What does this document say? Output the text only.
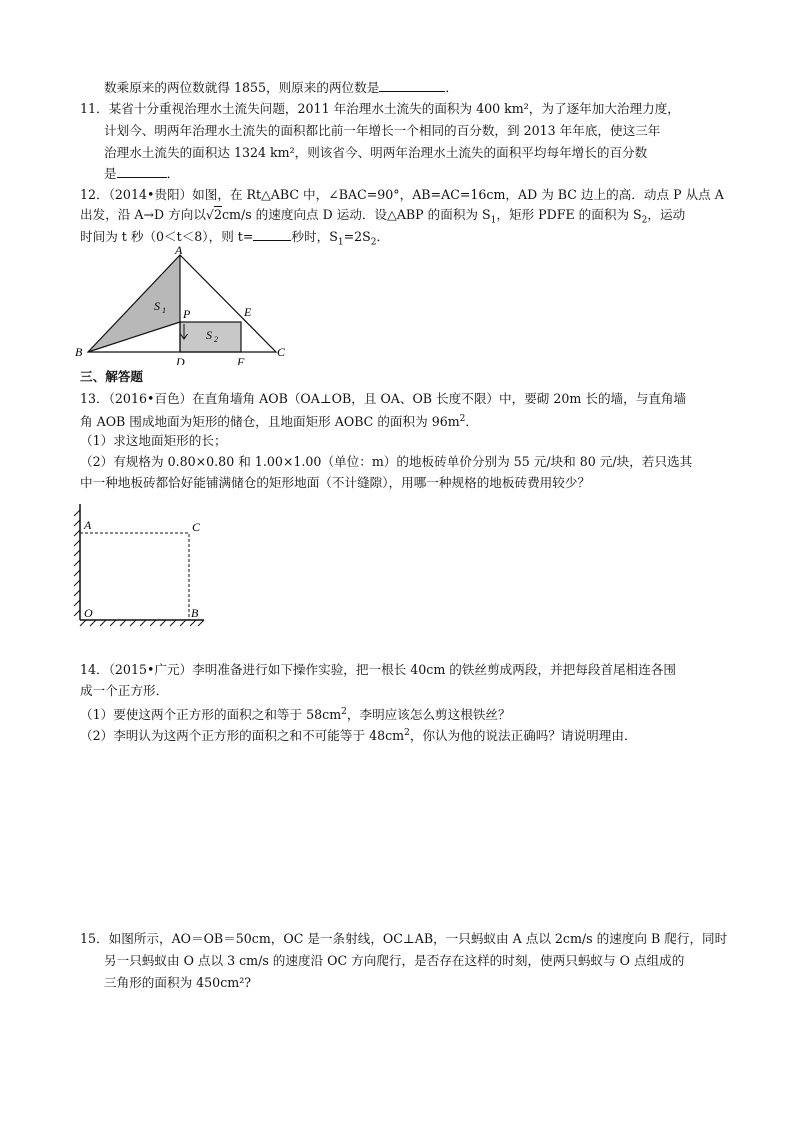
数乘原来的两位数就得 1855，则原来的两位数是	．
11．某省十分重视治理水土流失问题，2011 年治理水土流失的面积为 400 km²，为了逐年加大治理力度，
计划今、明两年治理水土流失的面积都比前一年增长一个相同的百分数，到 2013 年年底，使这三年
治理水土流失的面积达 1324 km²，则该省今、明两年治理水土流失的面积平均每年增长的百分数
是	．
12．（2014•贵阳）如图，在 Rt△ABC 中，∠BAC=90°，AB=AC=16cm，AD 为 BC 边上的高．动点 P 从点 A
出发，沿 A→D 方向以√2cm/s 的速度向点 D 运动．设△ABP 的面积为 $S_1$，矩形 PDFE 的面积为 $S_2$，运动
时间为 t 秒（0＜t＜8），则 t=	秒时，$S_1=2S_2$．
A
B	C
D
E
F
P
S 1
S 2
三、解答题
13．（2016•百色）在直角墙角 AOB（OA⊥OB，且 OA、OB 长度不限）中，要砌 20m 长的墙，与直角墙
角 AOB 围成地面为矩形的储仓，且地面矩形 AOBC 的面积为 $96m^2$．
（1）求这地面矩形的长；
（2）有规格为 0.80×0.80 和 1.00×1.00（单位：m）的地板砖单价分别为 55 元/块和 80 元/块，若只选其
中一种地板砖都恰好能铺满储仓的矩形地面（不计缝隙），用哪一种规格的地板砖费用较少？
A	C
O	B
14．（2015•广元）李明准备进行如下操作实验，把一根长 40cm 的铁丝剪成两段，并把每段首尾相连各围
成一个正方形．
（1）要使这两个正方形的面积之和等于 $58cm^2$，李明应该怎么剪这根铁丝？
（2）李明认为这两个正方形的面积之和不可能等于 $48cm^2$，你认为他的说法正确吗？请说明理由．
15．如图所示，AO＝OB＝50cm，OC 是一条射线，OC⊥AB，一只蚂蚁由 A 点以 2cm/s 的速度向 B 爬行，同时
另一只蚂蚁由 O 点以 3 cm/s 的速度沿 OC 方向爬行，是否存在这样的时刻，使两只蚂蚁与 O 点组成的
三角形的面积为 450cm²?
